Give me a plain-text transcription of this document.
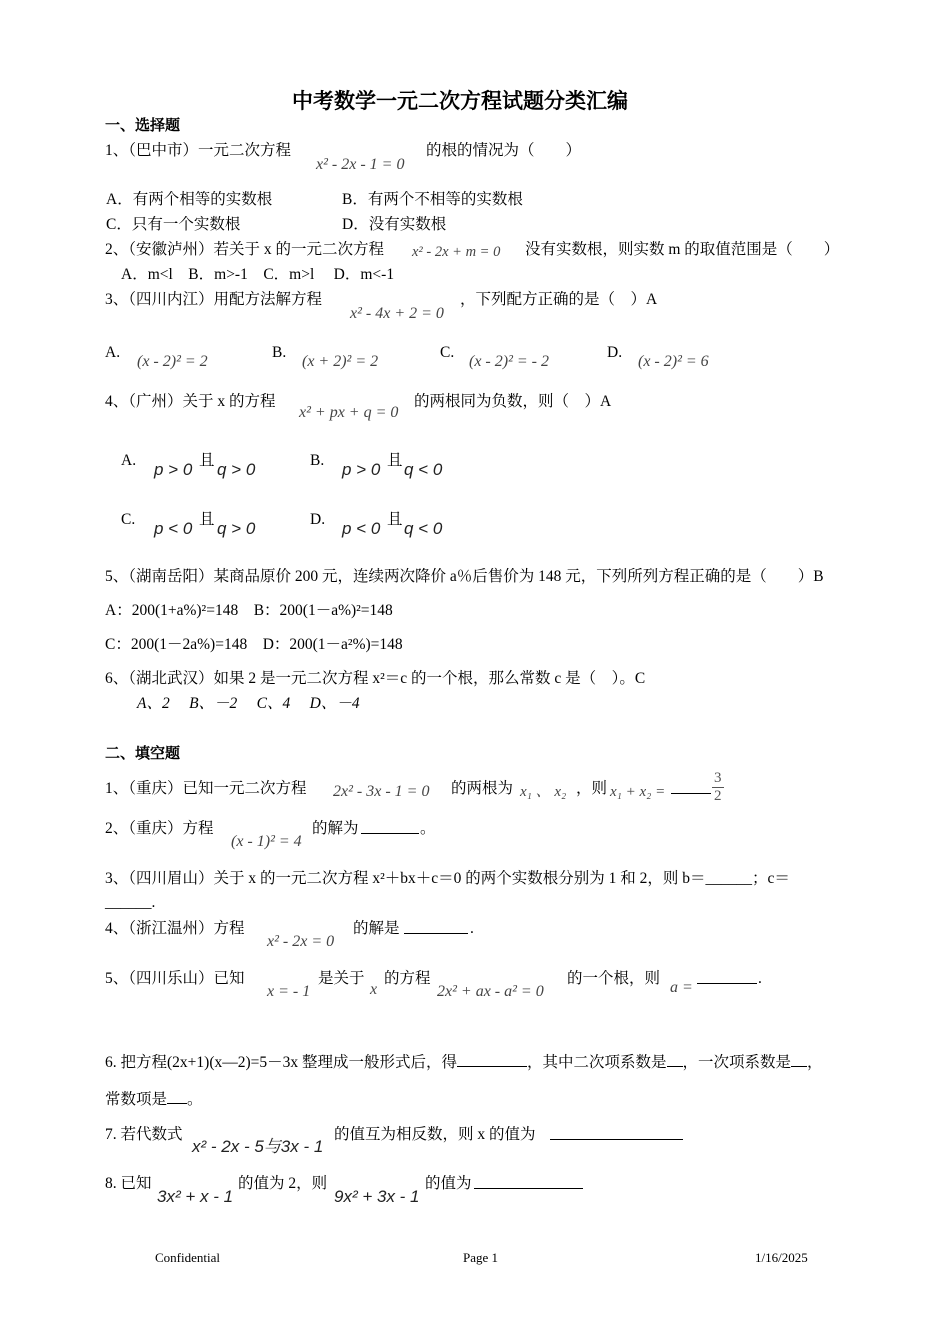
中考数学一元二次方程试题分类汇编
一、选择题
1、（巴中市）一元二次方程
x² - 2x - 1 = 0
的根的情况为（　　）
A．有两个相等的实数根	B．有两个不相等的实数根
C．只有一个实数根	D．没有实数根
2、（安徽泸州）若关于 x 的一元二次方程 x² - 2x + m = 0 没有实数根，则实数 m 的取值范围是（　　）
A．m<l　B．m>-1　C．m>l　 D．m<-1
3、（四川内江）用配方法解方程
x² - 4x + 2 = 0
，下列配方正确的是（　）A
A.
(x - 2)² = 2
B.
(x + 2)² = 2
C.
(x - 2)² = - 2
D.
(x - 2)² = 6
4、（广州）关于 x 的方程
x² + px + q = 0
的两根同为负数，则（　）A
A. p > 0 且 q > 0	B. p > 0 且 q < 0
C. p < 0 且 q > 0	D. p < 0 且 q < 0
5、（湖南岳阳）某商品原价 200 元，连续两次降价 a％后售价为 148 元，下列所列方程正确的是（　　）B
A：200(1+a%)²=148　B：200(1－a%)²=148
C：200(1－2a%)=148　D：200(1－a²%)=148
6、（湖北武汉）如果 2 是一元二次方程 x²＝c 的一个根，那么常数 c 是（　）。C
A、2　 B、－2　 C、4　 D、－4
二、填空题
1、（重庆）已知一元二次方程 2x² - 3x - 1 = 0 的两根为 x₁ 、 x₂ ，则 x₁ + x₂ =	$\frac{3}{2}$
2、（重庆）方程
(x - 1)² = 4
的解为	。
3、（四川眉山）关于 x 的一元二次方程 x²＋bx＋c＝0 的两个实数根分别为 1 和 2，则 b＝______；c＝
______.
4、（浙江温州）方程
x² - 2x = 0
的解是	.
5、（四川乐山）已知
x = - 1
是关于
x
的方程
2x² + ax - a² = 0
的一个根，则
a =
.
6. 把方程(2x+1)(x—2)=5－3x 整理成一般形式后，得	，其中二次项系数是 ，一次项系数是 ，
常数项是 。
7. 若代数式
x² - 2x - 5与3x - 1
的值互为相反数，则 x 的值为
8. 已知
3x² + x - 1
的值为 2，则
9x² + 3x - 1
的值为
Confidential	Page 1	1/16/2025
